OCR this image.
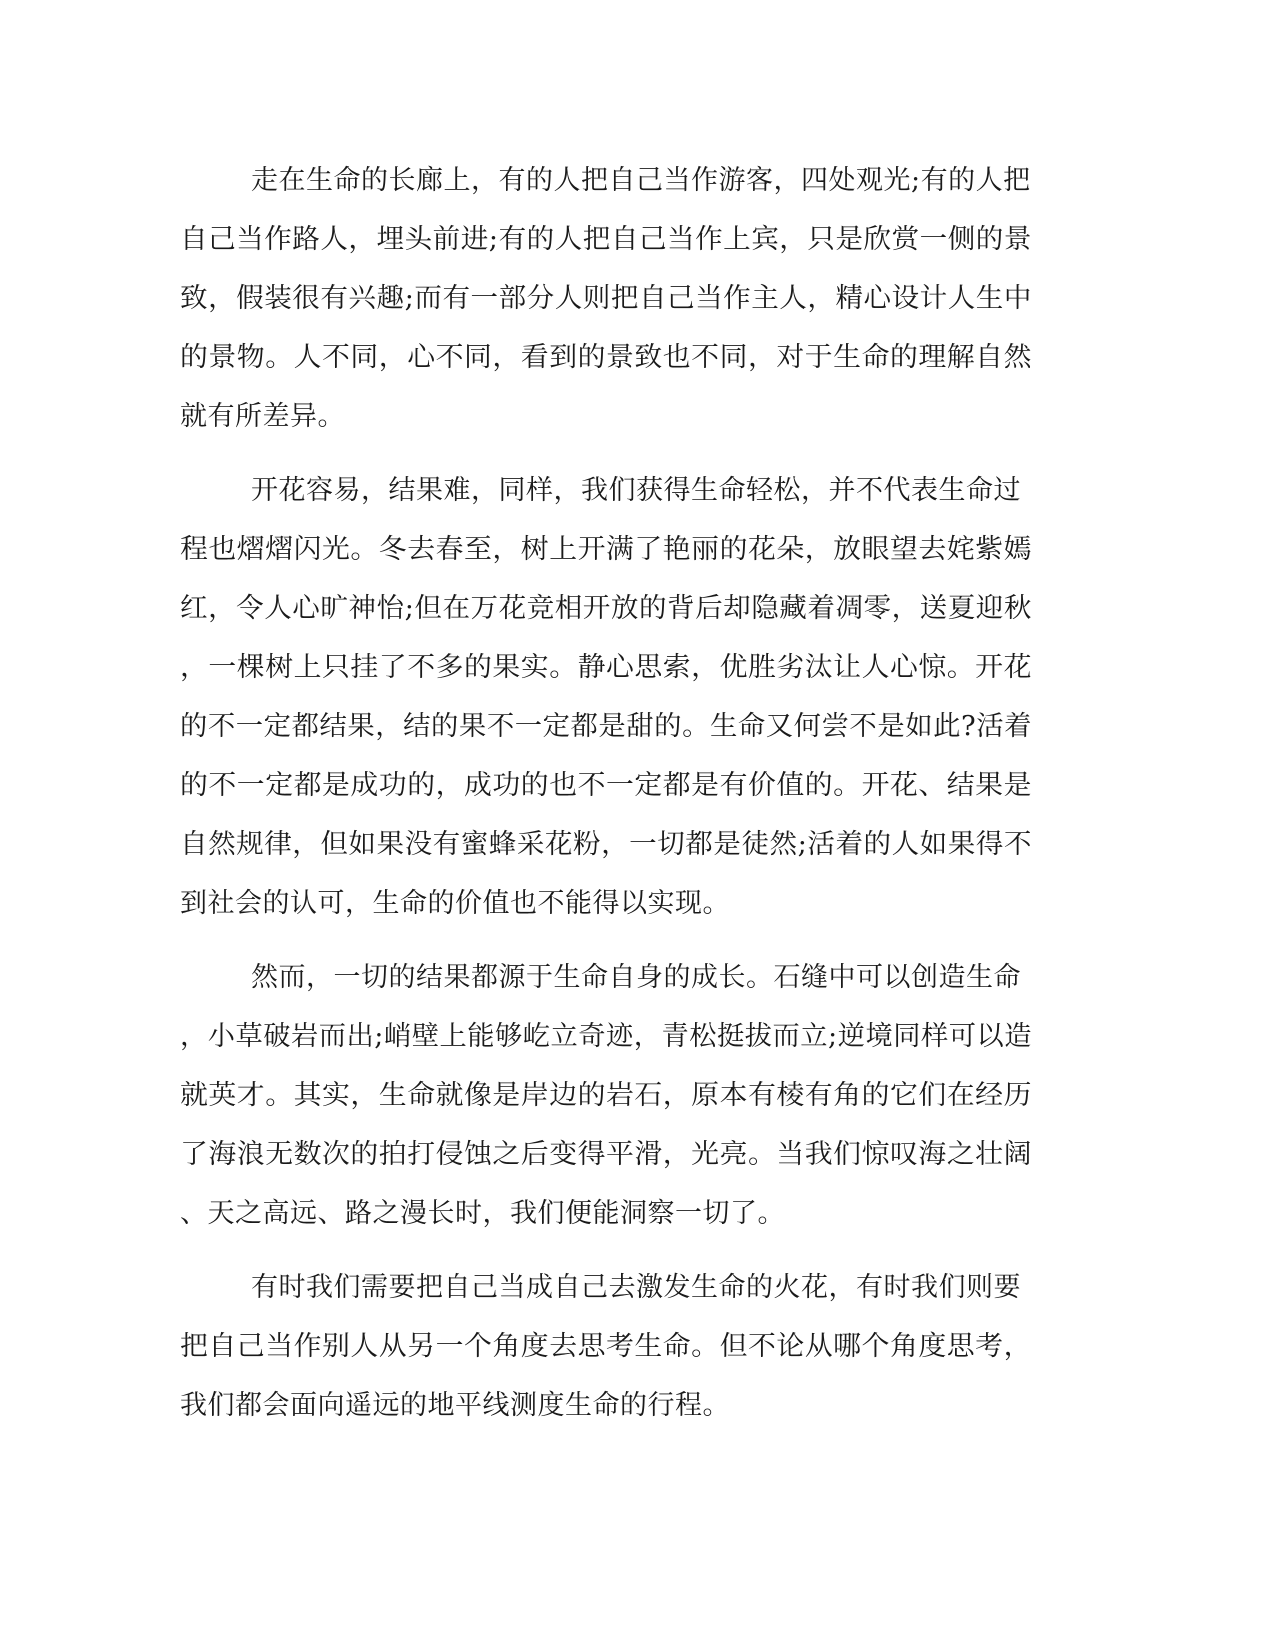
走在生命的长廊上，有的人把自己当作游客，四处观光;有的人把
自己当作路人，埋头前进;有的人把自己当作上宾，只是欣赏一侧的景
致，假装很有兴趣;而有一部分人则把自己当作主人，精心设计人生中
的景物。人不同，心不同，看到的景致也不同，对于生命的理解自然
就有所差异。
开花容易，结果难，同样，我们获得生命轻松，并不代表生命过
程也熠熠闪光。冬去春至，树上开满了艳丽的花朵，放眼望去姹紫嫣
红，令人心旷神怡;但在万花竞相开放的背后却隐藏着凋零，送夏迎秋
，一棵树上只挂了不多的果实。静心思索，优胜劣汰让人心惊。开花
的不一定都结果，结的果不一定都是甜的。生命又何尝不是如此?活着
的不一定都是成功的，成功的也不一定都是有价值的。开花、结果是
自然规律，但如果没有蜜蜂采花粉，一切都是徒然;活着的人如果得不
到社会的认可，生命的价值也不能得以实现。
然而，一切的结果都源于生命自身的成长。石缝中可以创造生命
，小草破岩而出;峭壁上能够屹立奇迹，青松挺拔而立;逆境同样可以造
就英才。其实，生命就像是岸边的岩石，原本有棱有角的它们在经历
了海浪无数次的拍打侵蚀之后变得平滑，光亮。当我们惊叹海之壮阔
、天之高远、路之漫长时，我们便能洞察一切了。
有时我们需要把自己当成自己去激发生命的火花，有时我们则要
把自己当作别人从另一个角度去思考生命。但不论从哪个角度思考，
我们都会面向遥远的地平线测度生命的行程。
